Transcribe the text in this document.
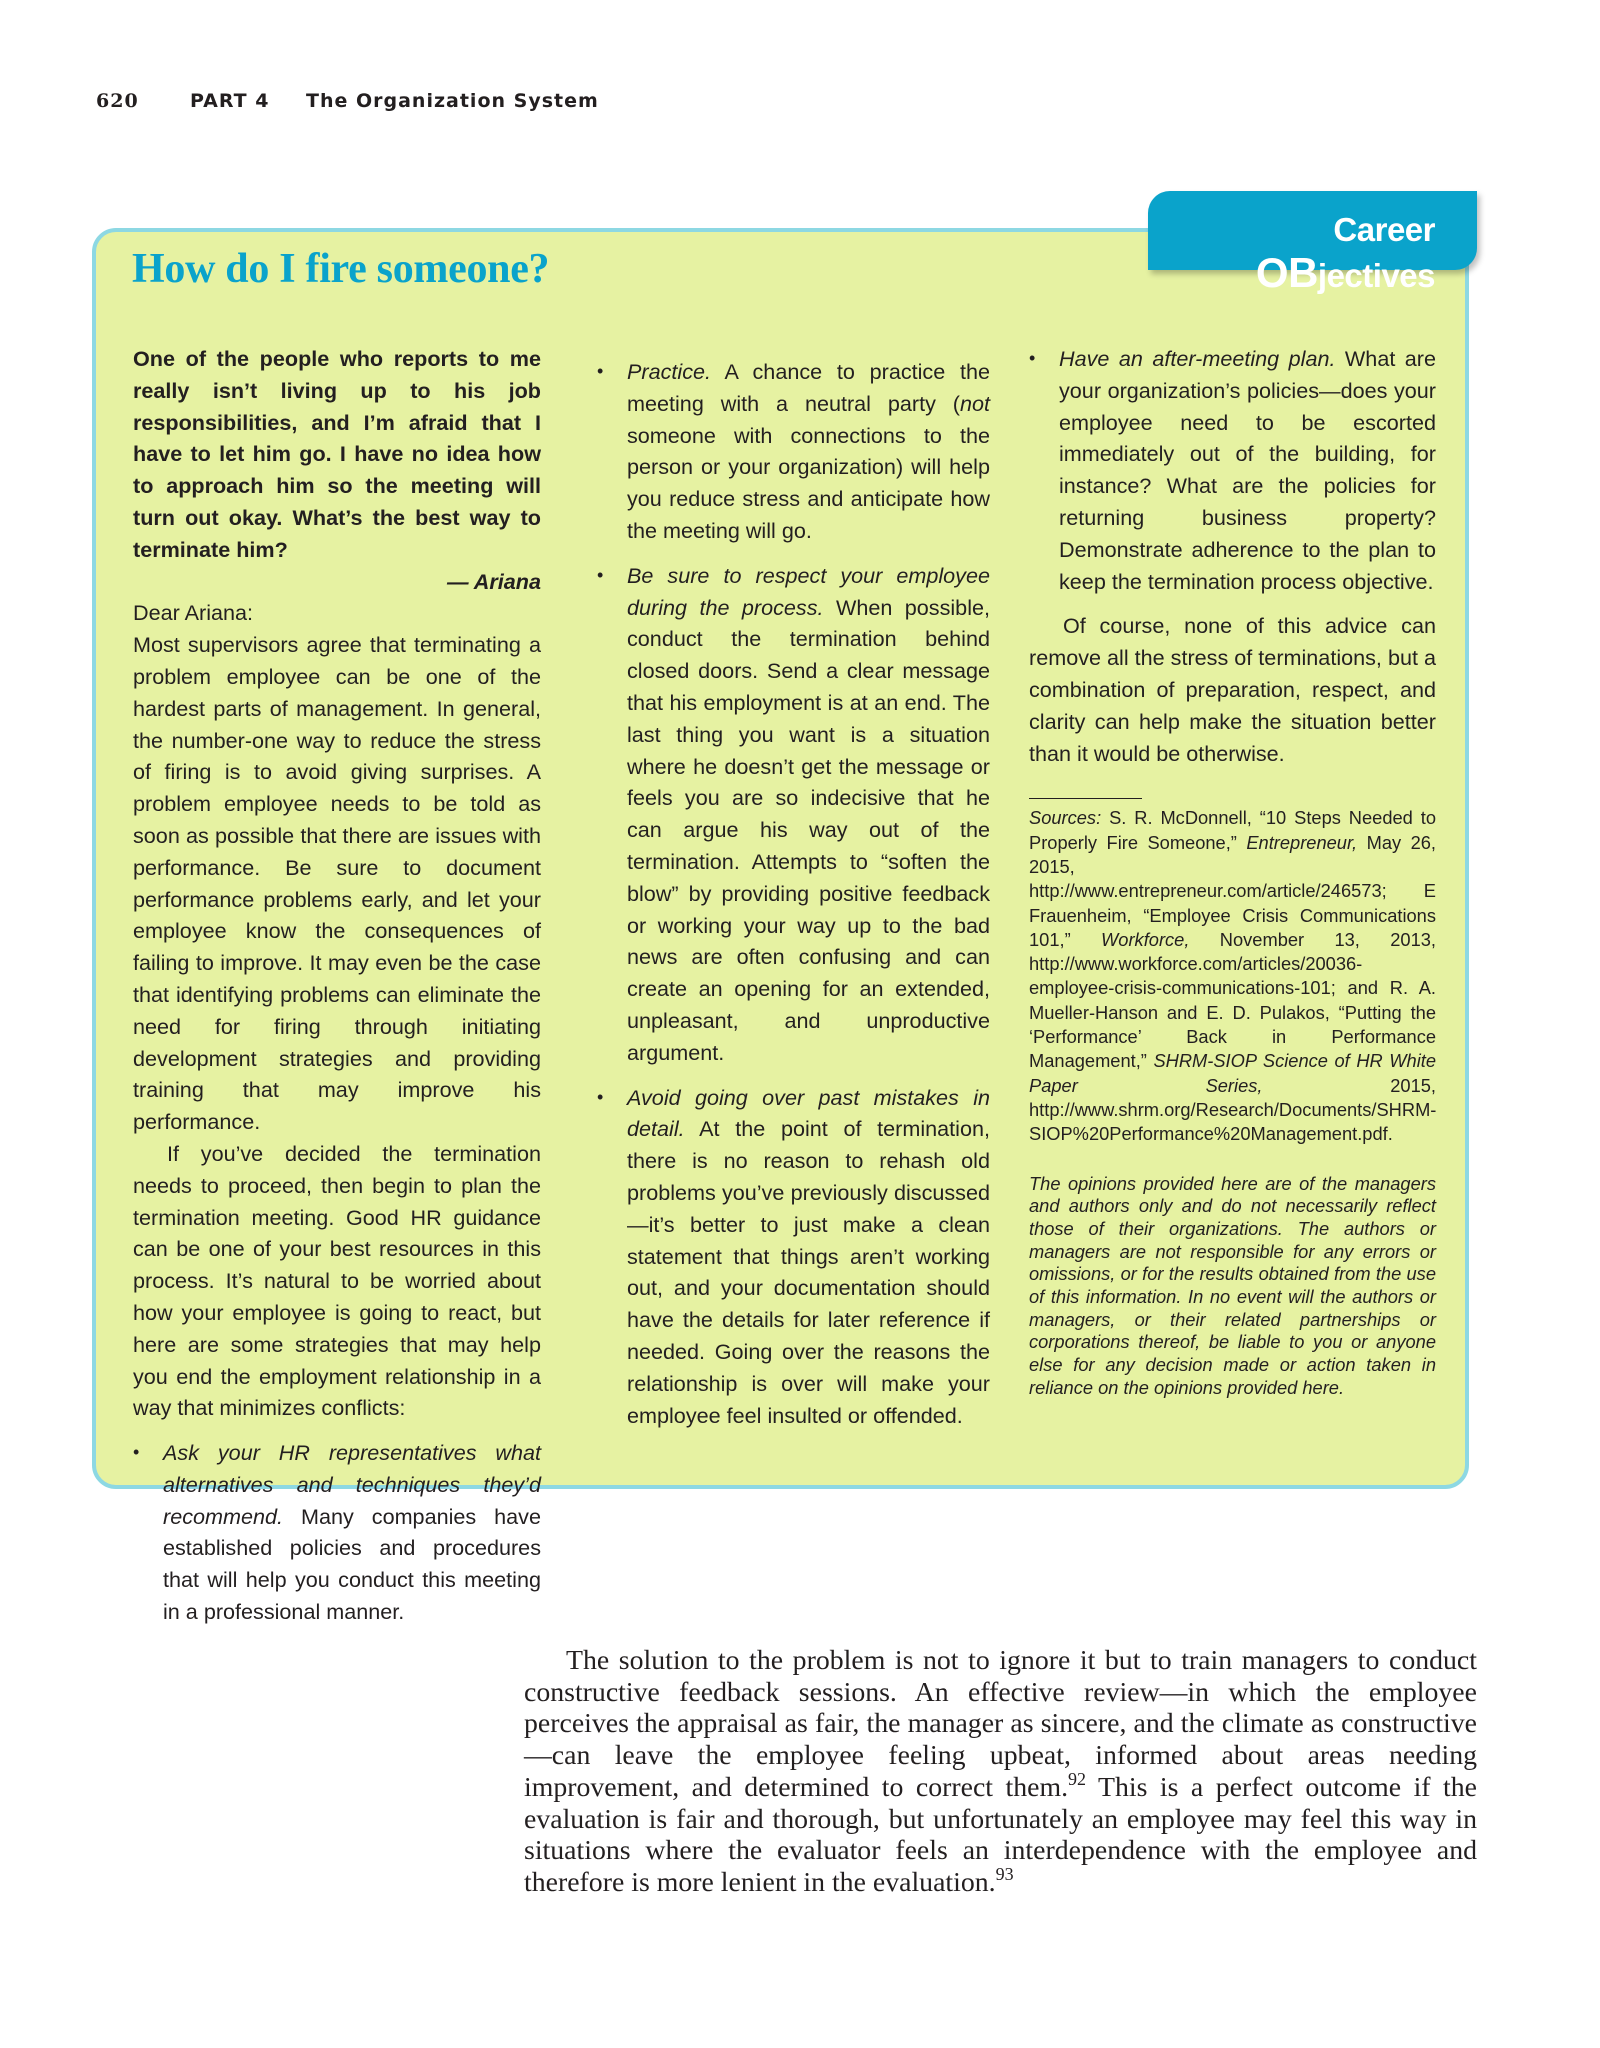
620	PART 4 The Organization System
Career OBjectives
How do I fire someone?

One of the people who reports to me really isn’t living up to his job responsibilities, and I’m afraid that I have to let him go. I have no idea how to approach him so the meeting will turn out okay. What’s the best way to terminate him?

— Ariana

Dear Ariana:

Most supervisors agree that terminating a problem employee can be one of the hardest parts of management. In general, the number-one way to reduce the stress of firing is to avoid giving surprises. A problem employee needs to be told as soon as possible that there are issues with performance. Be sure to document performance problems early, and let your employee know the consequences of failing to improve. It may even be the case that identifying problems can eliminate the need for firing through initiating development strategies and providing training that may improve his performance.

If you’ve decided the termination needs to proceed, then begin to plan the termination meeting. Good HR guidance can be one of your best resources in this process. It’s natural to be worried about how your employee is going to react, but here are some strategies that may help you end the employment relationship in a way that minimizes conflicts:

• Ask your HR representatives what alternatives and techniques they’d recommend. Many companies have established policies and procedures that will help you conduct this meeting in a professional manner.

• Practice. A chance to practice the meeting with a neutral party (not someone with connections to the person or your organization) will help you reduce stress and anticipate how the meeting will go.

• Be sure to respect your employee during the process. When possible, conduct the termination behind closed doors. Send a clear message that his employment is at an end. The last thing you want is a situation where he doesn’t get the message or feels you are so indecisive that he can argue his way out of the termination. Attempts to “soften the blow” by providing positive feedback or working your way up to the bad news are often confusing and can create an opening for an extended, unpleasant, and unproductive argument.

• Avoid going over past mistakes in detail. At the point of termination, there is no reason to rehash old problems you’ve previously discussed—it’s better to just make a clean statement that things aren’t working out, and your documentation should have the details for later reference if needed. Going over the reasons the relationship is over will make your employee feel insulted or offended.

• Have an after-meeting plan. What are your organization’s policies—does your employee need to be escorted immediately out of the building, for instance? What are the policies for returning business property? Demonstrate adherence to the plan to keep the termination process objective.

Of course, none of this advice can remove all the stress of terminations, but a combination of preparation, respect, and clarity can help make the situation better than it would be otherwise.

Sources: S. R. McDonnell, “10 Steps Needed to Properly Fire Someone,” Entrepreneur, May 26, 2015, http://www.entrepreneur.com/article/246573; E Frauenheim, “Employee Crisis Communications 101,” Workforce, November 13, 2013, http://www.workforce.com/articles/20036-employee-crisis-communications-101; and R. A. Mueller-Hanson and E. D. Pulakos, “Putting the ‘Performance’ Back in Performance Management,” SHRM-SIOP Science of HR White Paper Series, 2015, http://www.shrm.org/Research/Documents/SHRM-SIOP%20Performance%20Management.pdf.

The opinions provided here are of the managers and authors only and do not necessarily reflect those of their organizations. The authors or managers are not responsible for any errors or omissions, or for the results obtained from the use of this information. In no event will the authors or managers, or their related partnerships or corporations thereof, be liable to you or anyone else for any decision made or action taken in reliance on the opinions provided here.

The solution to the problem is not to ignore it but to train managers to conduct constructive feedback sessions. An effective review—in which the employee perceives the appraisal as fair, the manager as sincere, and the climate as constructive—can leave the employee feeling upbeat, informed about areas needing improvement, and determined to correct them.$^{92}$ This is a perfect outcome if the evaluation is fair and thorough, but unfortunately an employee may feel this way in situations where the evaluator feels an interdependence with the employee and therefore is more lenient in the evaluation.$^{93}$
